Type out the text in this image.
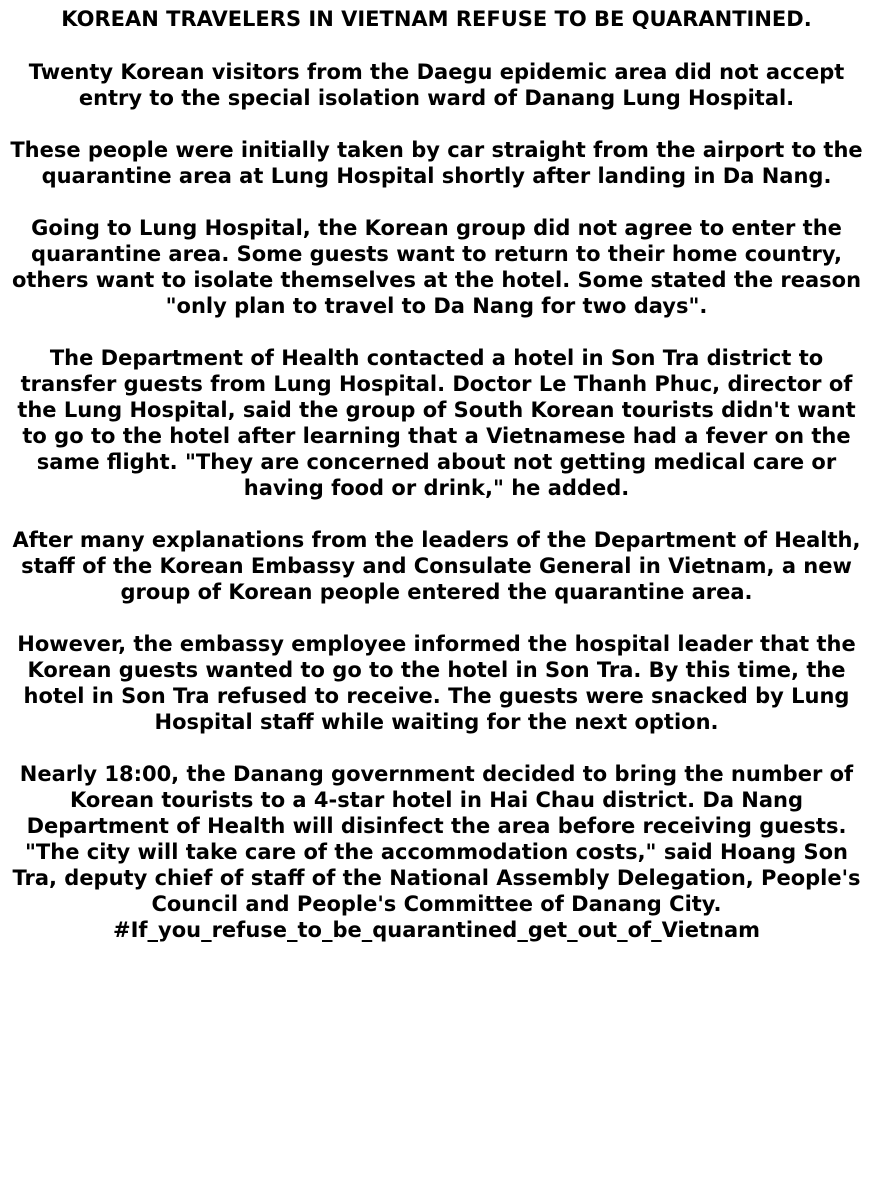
KOREAN TRAVELERS IN VIETNAM REFUSE TO BE QUARANTINED.
Twenty Korean visitors from the Daegu epidemic area did not accept entry to the special isolation ward of Danang Lung Hospital.
These people were initially taken by car straight from the airport to the quarantine area at Lung Hospital shortly after landing in Da Nang.
Going to Lung Hospital, the Korean group did not agree to enter the quarantine area. Some guests want to return to their home country, others want to isolate themselves at the hotel. Some stated the reason "only plan to travel to Da Nang for two days".
The Department of Health contacted a hotel in Son Tra district to transfer guests from Lung Hospital. Doctor Le Thanh Phuc, director of the Lung Hospital, said the group of South Korean tourists didn't want to go to the hotel after learning that a Vietnamese had a fever on the same flight. "They are concerned about not getting medical care or having food or drink," he added.
After many explanations from the leaders of the Department of Health, staff of the Korean Embassy and Consulate General in Vietnam, a new group of Korean people entered the quarantine area.
However, the embassy employee informed the hospital leader that the Korean guests wanted to go to the hotel in Son Tra. By this time, the hotel in Son Tra refused to receive. The guests were snacked by Lung Hospital staff while waiting for the next option.
Nearly 18:00, the Danang government decided to bring the number of Korean tourists to a 4-star hotel in Hai Chau district. Da Nang Department of Health will disinfect the area before receiving guests. "The city will take care of the accommodation costs," said Hoang Son Tra, deputy chief of staff of the National Assembly Delegation, People's Council and People's Committee of Danang City.
#If_you_refuse_to_be_quarantined_get_out_of_Vietnam
